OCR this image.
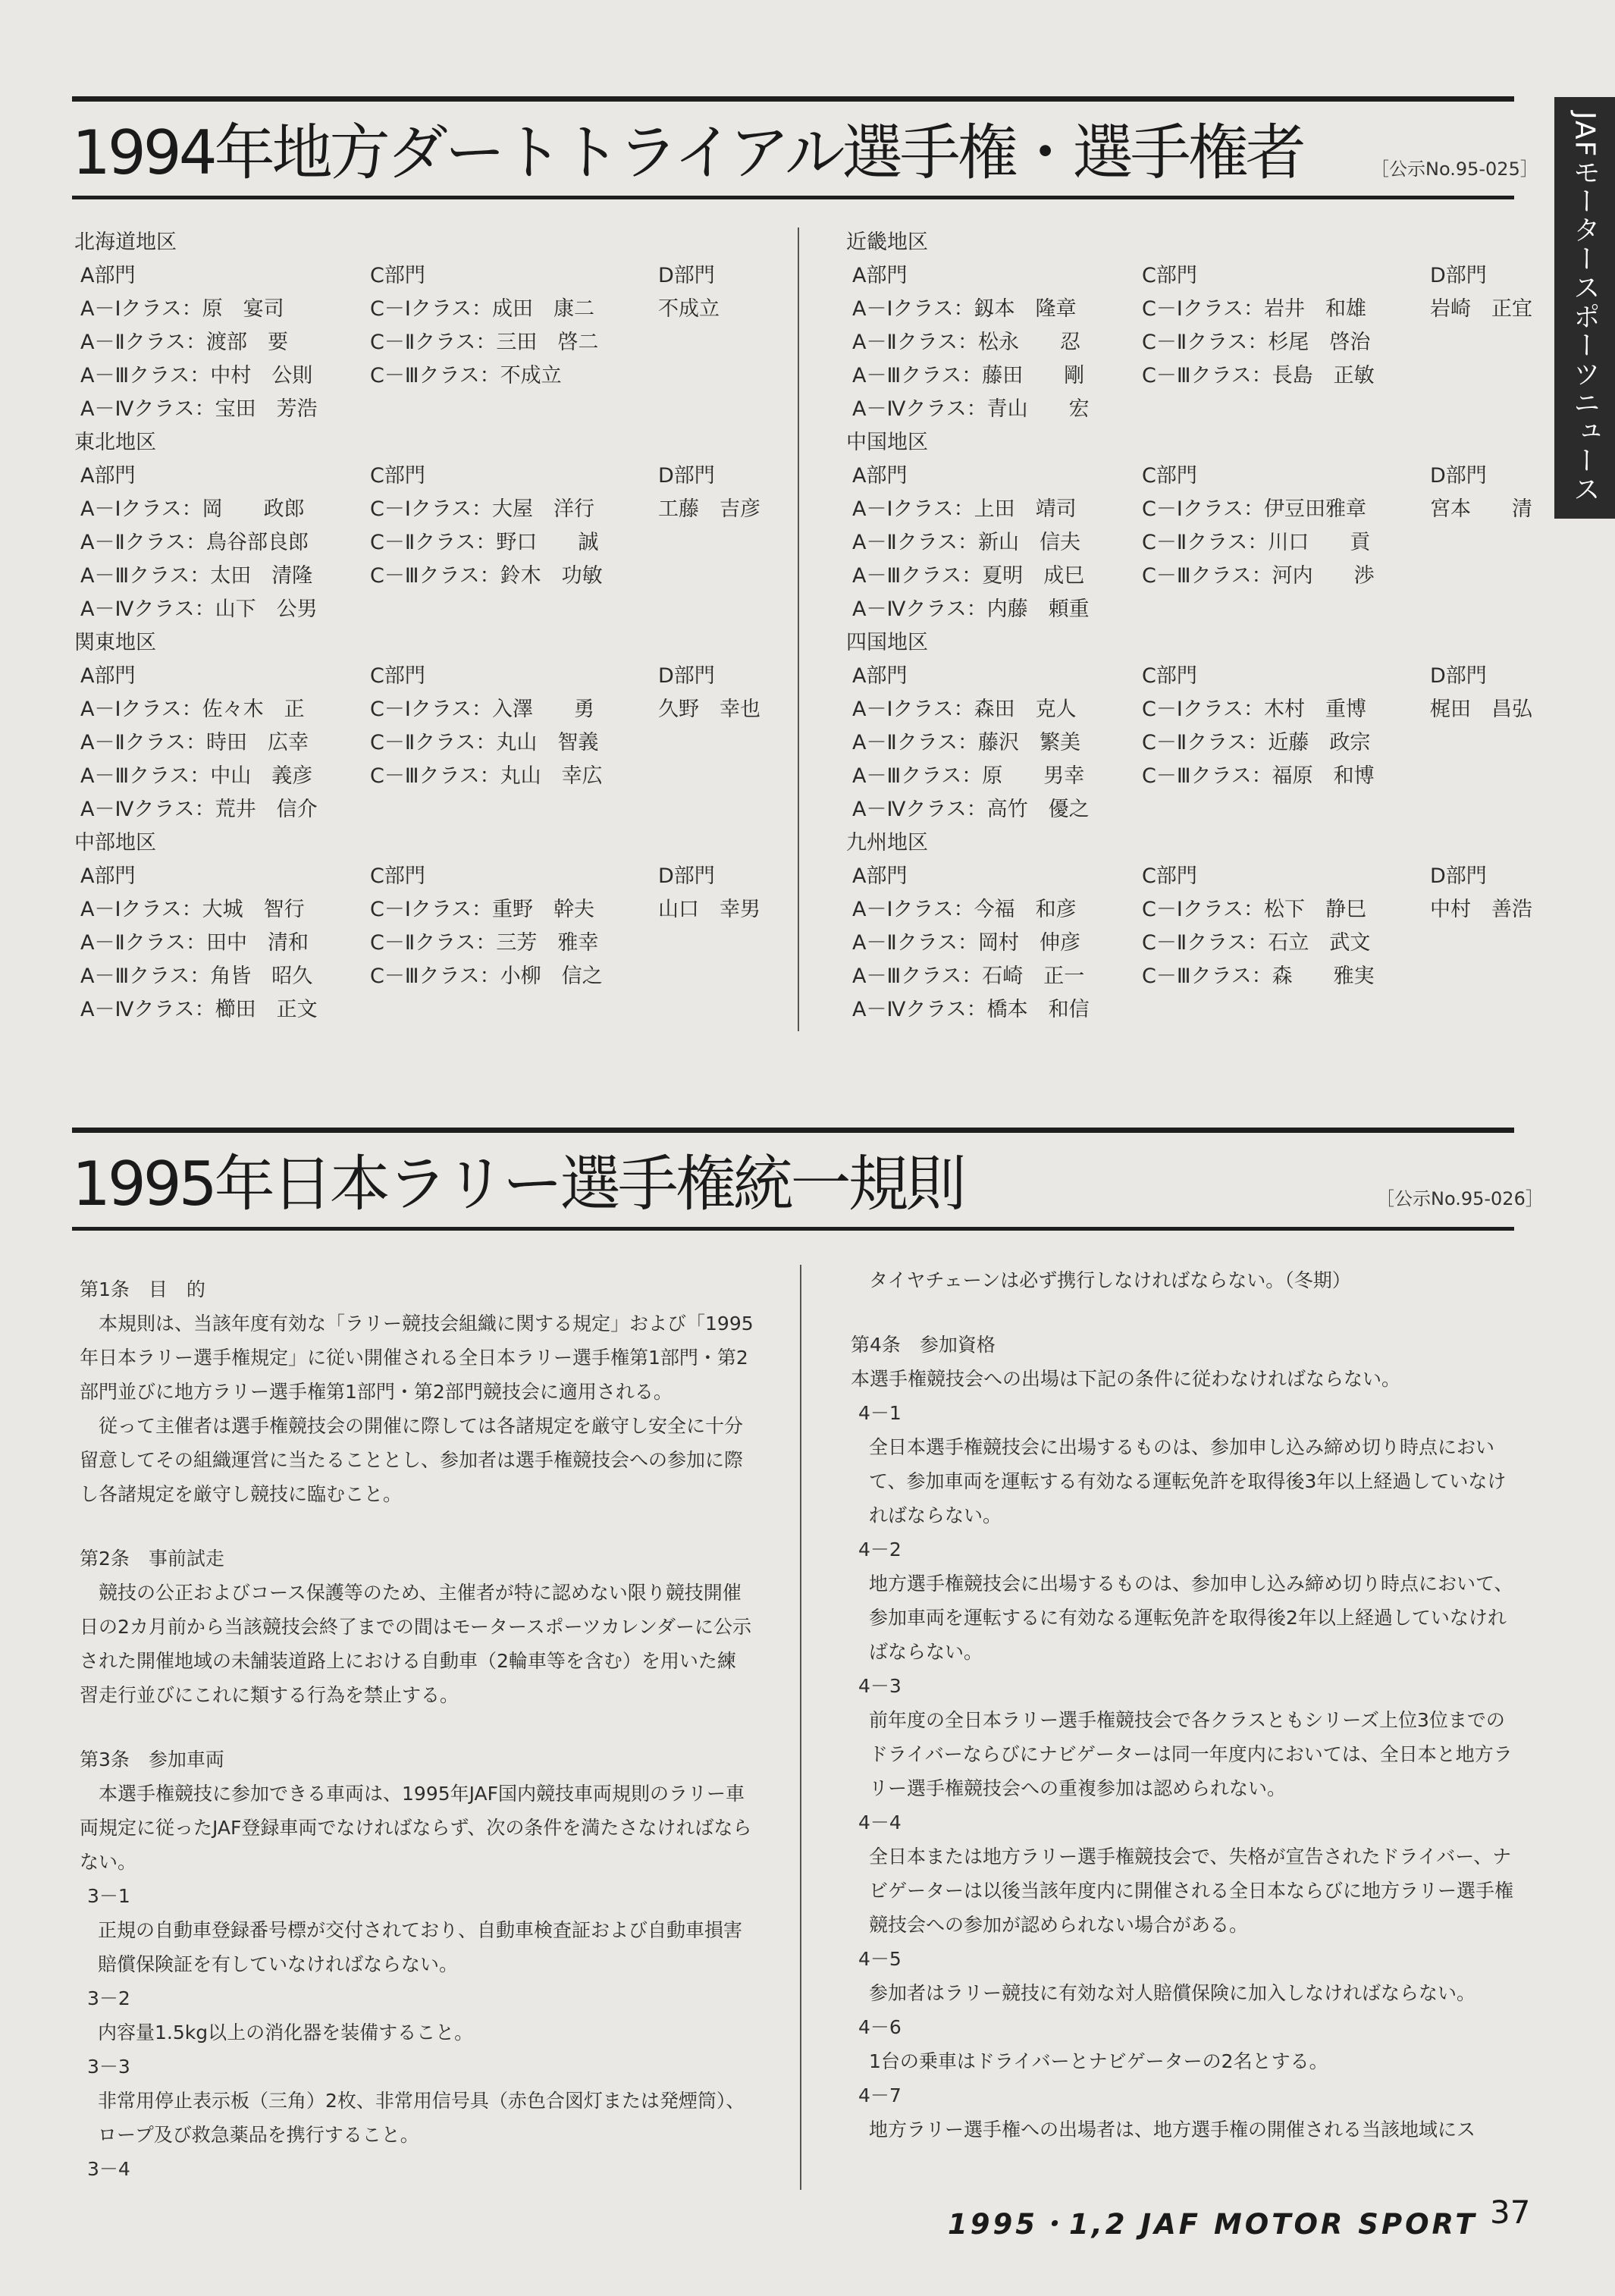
JAFモータースポーツニュース
1994年地方ダートトライアル選手権・選手権者	［公示No.95-025］
北海道地区
A部門	C部門	D部門
A－Ⅰクラス：原　宴司	C－Ⅰクラス：成田　康二	不成立
A－Ⅱクラス：渡部　要	C－Ⅱクラス：三田　啓二
A－Ⅲクラス：中村　公則	C－Ⅲクラス：不成立
A－Ⅳクラス：宝田　芳浩
東北地区
A部門	C部門	D部門
A－Ⅰクラス：岡　　政郎	C－Ⅰクラス：大屋　洋行	工藤　吉彦
A－Ⅱクラス：鳥谷部良郎	C－Ⅱクラス：野口　　誠
A－Ⅲクラス：太田　清隆	C－Ⅲクラス：鈴木　功敏
A－Ⅳクラス：山下　公男
関東地区
A部門	C部門	D部門
A－Ⅰクラス：佐々木　正	C－Ⅰクラス：入澤　　勇	久野　幸也
A－Ⅱクラス：時田　広幸	C－Ⅱクラス：丸山　智義
A－Ⅲクラス：中山　義彦	C－Ⅲクラス：丸山　幸広
A－Ⅳクラス：荒井　信介
中部地区
A部門	C部門	D部門
A－Ⅰクラス：大城　智行	C－Ⅰクラス：重野　幹夫	山口　幸男
A－Ⅱクラス：田中　清和	C－Ⅱクラス：三芳　雅幸
A－Ⅲクラス：角皆　昭久	C－Ⅲクラス：小柳　信之
A－Ⅳクラス：櫛田　正文
近畿地区
A部門	C部門	D部門
A－Ⅰクラス：釼本　隆章	C－Ⅰクラス：岩井　和雄	岩崎　正宜
A－Ⅱクラス：松永　　忍	C－Ⅱクラス：杉尾　啓治
A－Ⅲクラス：藤田　　剛	C－Ⅲクラス：長島　正敏
A－Ⅳクラス：青山　　宏
中国地区
A部門	C部門	D部門
A－Ⅰクラス：上田　靖司	C－Ⅰクラス：伊豆田雅章	宮本　　清
A－Ⅱクラス：新山　信夫	C－Ⅱクラス：川口　　貢
A－Ⅲクラス：夏明　成巳	C－Ⅲクラス：河内　　渉
A－Ⅳクラス：内藤　頼重
四国地区
A部門	C部門	D部門
A－Ⅰクラス：森田　克人	C－Ⅰクラス：木村　重博	梶田　昌弘
A－Ⅱクラス：藤沢　繁美	C－Ⅱクラス：近藤　政宗
A－Ⅲクラス：原　　男幸	C－Ⅲクラス：福原　和博
A－Ⅳクラス：高竹　優之
九州地区
A部門	C部門	D部門
A－Ⅰクラス：今福　和彦	C－Ⅰクラス：松下　静巳	中村　善浩
A－Ⅱクラス：岡村　伸彦	C－Ⅱクラス：石立　武文
A－Ⅲクラス：石崎　正一	C－Ⅲクラス：森　　雅実
A－Ⅳクラス：橋本　和信
1995年日本ラリー選手権統一規則	［公示No.95-026］

第1条　目　的

本規則は、当該年度有効な「ラリー競技会組織に関する規定」および「1995年日本ラリー選手権規定」に従い開催される全日本ラリー選手権第1部門・第2部門並びに地方ラリー選手権第1部門・第2部門競技会に適用される。

従って主催者は選手権競技会の開催に際しては各諸規定を厳守し安全に十分留意してその組織運営に当たることとし、参加者は選手権競技会への参加に際し各諸規定を厳守し競技に臨むこと。

第2条　事前試走

競技の公正およびコース保護等のため、主催者が特に認めない限り競技開催日の2カ月前から当該競技会終了までの間はモータースポーツカレンダーに公示された開催地域の未舗装道路上における自動車（2輪車等を含む）を用いた練習走行並びにこれに類する行為を禁止する。

第3条　参加車両

本選手権競技に参加できる車両は、1995年JAF国内競技車両規則のラリー車両規定に従ったJAF登録車両でなければならず、次の条件を満たさなければならない。

3－1

正規の自動車登録番号標が交付されており、自動車検査証および自動車損害賠償保険証を有していなければならない。

3－2

内容量1.5kg以上の消化器を装備すること。

3－3

非常用停止表示板（三角）2枚、非常用信号具（赤色合図灯または発煙筒）、ロープ及び救急薬品を携行すること。

3－4

タイヤチェーンは必ず携行しなければならない。（冬期）

第4条　参加資格

本選手権競技会への出場は下記の条件に従わなければならない。

4－1

全日本選手権競技会に出場するものは、参加申し込み締め切り時点において、参加車両を運転する有効なる運転免許を取得後3年以上経過していなければならない。

4－2

地方選手権競技会に出場するものは、参加申し込み締め切り時点において、参加車両を運転するに有効なる運転免許を取得後2年以上経過していなければならない。

4－3

前年度の全日本ラリー選手権競技会で各クラスともシリーズ上位3位までのドライバーならびにナビゲーターは同一年度内においては、全日本と地方ラリー選手権競技会への重複参加は認められない。

4－4

全日本または地方ラリー選手権競技会で、失格が宣告されたドライバー、ナビゲーターは以後当該年度内に開催される全日本ならびに地方ラリー選手権競技会への参加が認められない場合がある。

4－5

参加者はラリー競技に有効な対人賠償保険に加入しなければならない。

4－6

1台の乗車はドライバーとナビゲーターの2名とする。

4－7

地方ラリー選手権への出場者は、地方選手権の開催される当該地域にス

1995・1,2 JAF MOTOR SPORT 37
